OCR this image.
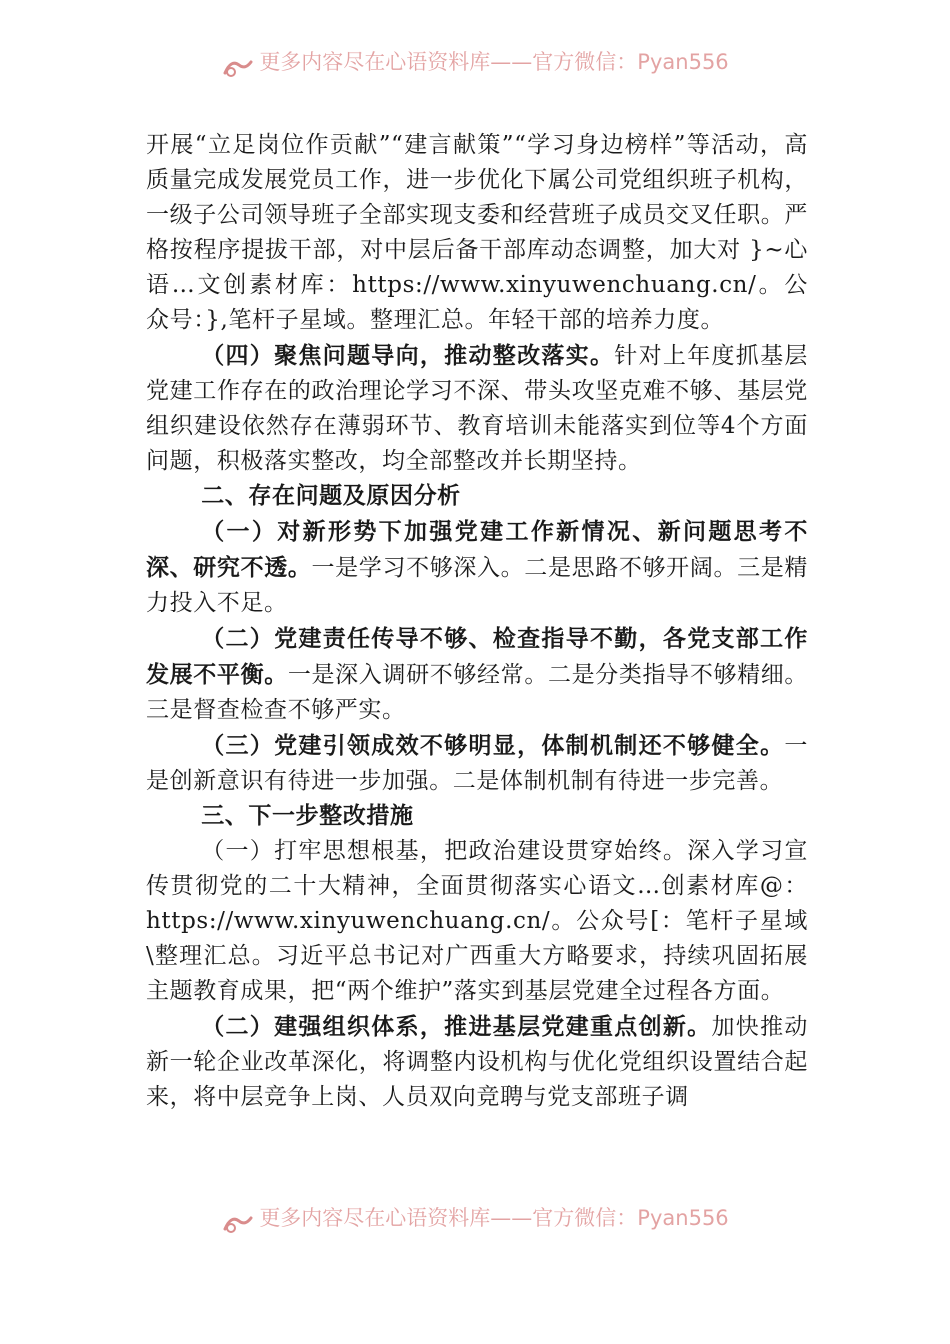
更多内容尽在心语资料库——官方微信：Pyan556

开展“立足岗位作贡献”“建言献策”“学习身边榜样”等活动，高质量完成发展党员工作，进一步优化下属公司党组织班子机构，一级子公司领导班子全部实现支委和经营班子成员交叉任职。严格按程序提拔干部，对中层后备干部库动态调整，加大对 }~心语…文创素材库：https://www.xinyuwenchuang.cn/。公众号：},笔杆子星域。整理汇总。年轻干部的培养力度。

（四）聚焦问题导向，推动整改落实。针对上年度抓基层党建工作存在的政治理论学习不深、带头攻坚克难不够、基层党组织建设依然存在薄弱环节、教育培训未能落实到位等4个方面问题，积极落实整改，均全部整改并长期坚持。

二、存在问题及原因分析

（一）对新形势下加强党建工作新情况、新问题思考不深、研究不透。一是学习不够深入。二是思路不够开阔。三是精力投入不足。

（二）党建责任传导不够、检查指导不勤，各党支部工作发展不平衡。一是深入调研不够经常。二是分类指导不够精细。三是督查检查不够严实。

（三）党建引领成效不够明显，体制机制还不够健全。一是创新意识有待进一步加强。二是体制机制有待进一步完善。

三、下一步整改措施

（一）打牢思想根基，把政治建设贯穿始终。深入学习宣传贯彻党的二十大精神，全面贯彻落实心语文…创素材库@：https://www.xinyuwenchuang.cn/。公众号[：笔杆子星域\整理汇总。习近平总书记对广西重大方略要求，持续巩固拓展主题教育成果，把“两个维护”落实到基层党建全过程各方面。

（二）建强组织体系，推进基层党建重点创新。加快推动新一轮企业改革深化，将调整内设机构与优化党组织设置结合起来，将中层竞争上岗、人员双向竞聘与党支部班子调

更多内容尽在心语资料库——官方微信：Pyan556
